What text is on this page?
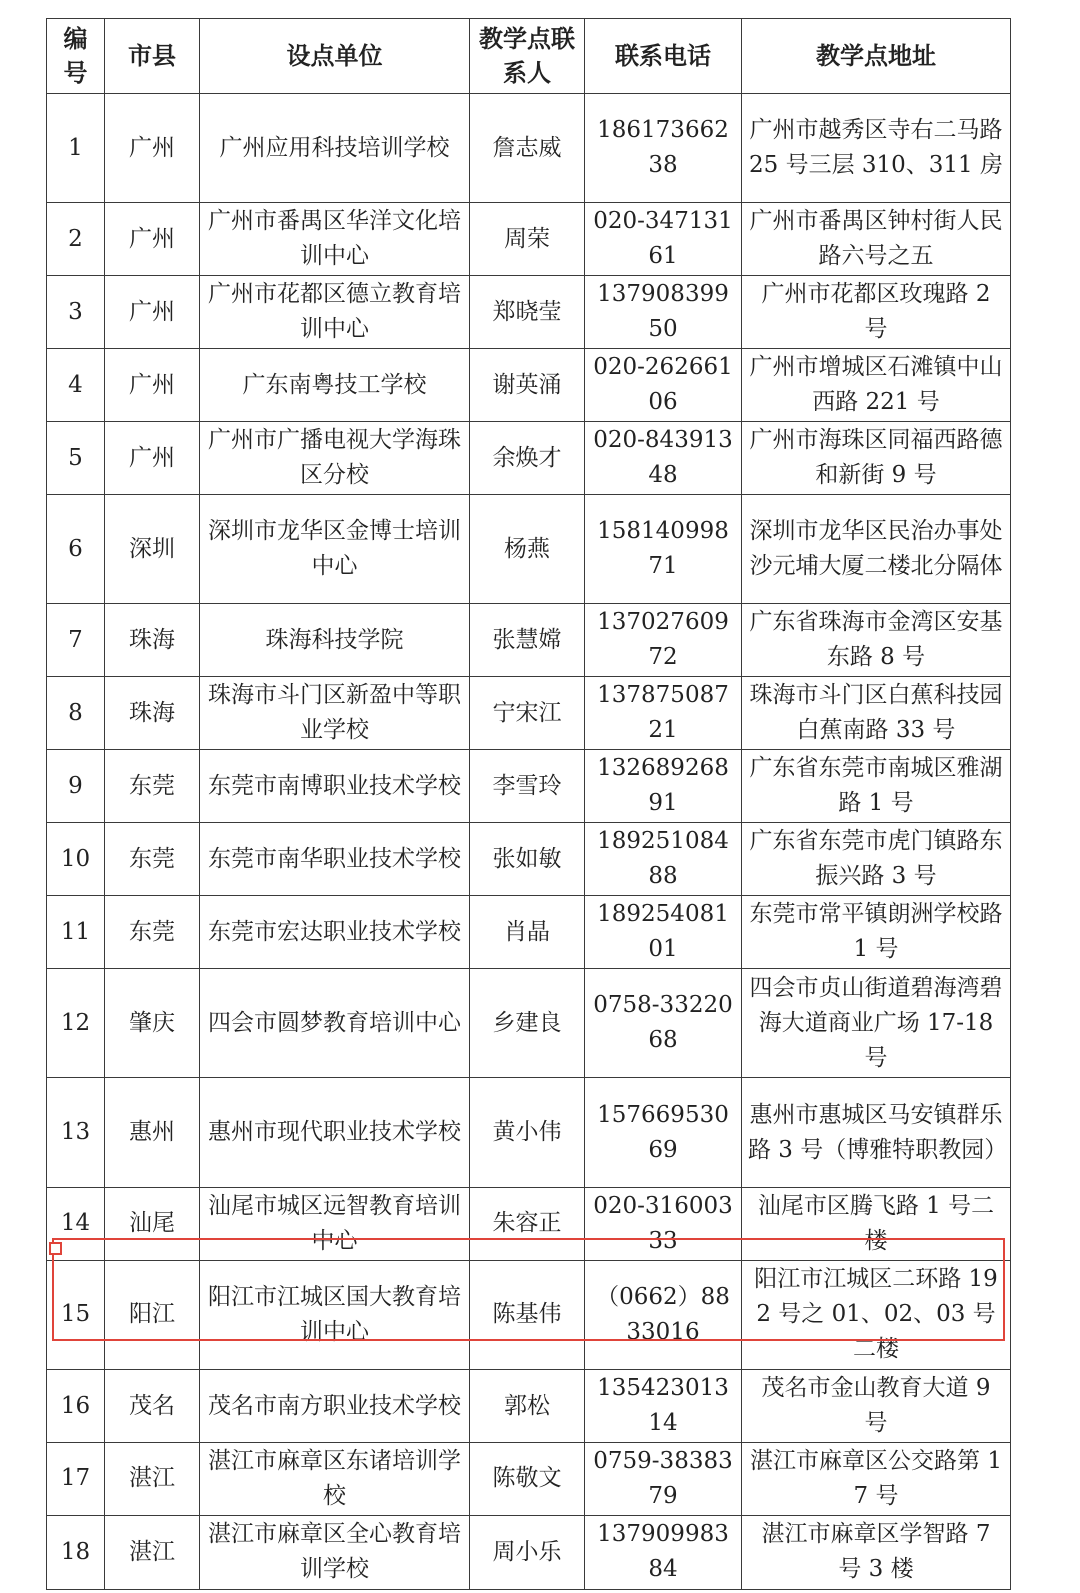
编号	市县	设点单位	教学点联系人	联系电话	教学点地址
1	广州	广州应用科技培训学校	詹志威	18617366238	广州市越秀区寺右二马路 25 号三层 310、311 房
2	广州	广州市番禺区华洋文化培训中心	周荣	020-34713161	广州市番禺区钟村街人民路六号之五
3	广州	广州市花都区德立教育培训中心	郑晓莹	13790839950	广州市花都区玫瑰路 2 号
4	广州	广东南粤技工学校	谢英涌	020-26266106	广州市增城区石滩镇中山西路 221 号
5	广州	广州市广播电视大学海珠区分校	余焕才	020-84391348	广州市海珠区同福西路德和新街 9 号
6	深圳	深圳市龙华区金博士培训中心	杨燕	15814099871	深圳市龙华区民治办事处沙元埔大厦二楼北分隔体
7	珠海	珠海科技学院	张慧嫦	13702760972	广东省珠海市金湾区安基东路 8 号
8	珠海	珠海市斗门区新盈中等职业学校	宁宋江	13787508721	珠海市斗门区白蕉科技园白蕉南路 33 号
9	东莞	东莞市南博职业技术学校	李雪玲	13268926891	广东省东莞市南城区雅湖路 1 号
10	东莞	东莞市南华职业技术学校	张如敏	18925108488	广东省东莞市虎门镇路东振兴路 3 号
11	东莞	东莞市宏达职业技术学校	肖晶	18925408101	东莞市常平镇朗洲学校路 1 号
12	肇庆	四会市圆梦教育培训中心	乡建良	0758-3322068	四会市贞山街道碧海湾碧海大道商业广场 17-18 号
13	惠州	惠州市现代职业技术学校	黄小伟	15766953069	惠州市惠城区马安镇群乐路 3 号（博雅特职教园）
14	汕尾	汕尾市城区远智教育培训中心	朱容正	020-31600333	汕尾市区腾飞路 1 号二楼
15	阳江	阳江市江城区国大教育培训中心	陈基伟	（0662）8833016	阳江市江城区二环路 192 号之 01、02、03 号二楼
16	茂名	茂名市南方职业技术学校	郭松	13542301314	茂名市金山教育大道 9 号
17	湛江	湛江市麻章区东诸培训学校	陈敬文	0759-3838379	湛江市麻章区公交路第 17 号
18	湛江	湛江市麻章区全心教育培训学校	周小乐	13790998384	湛江市麻章区学智路 7 号 3 楼
